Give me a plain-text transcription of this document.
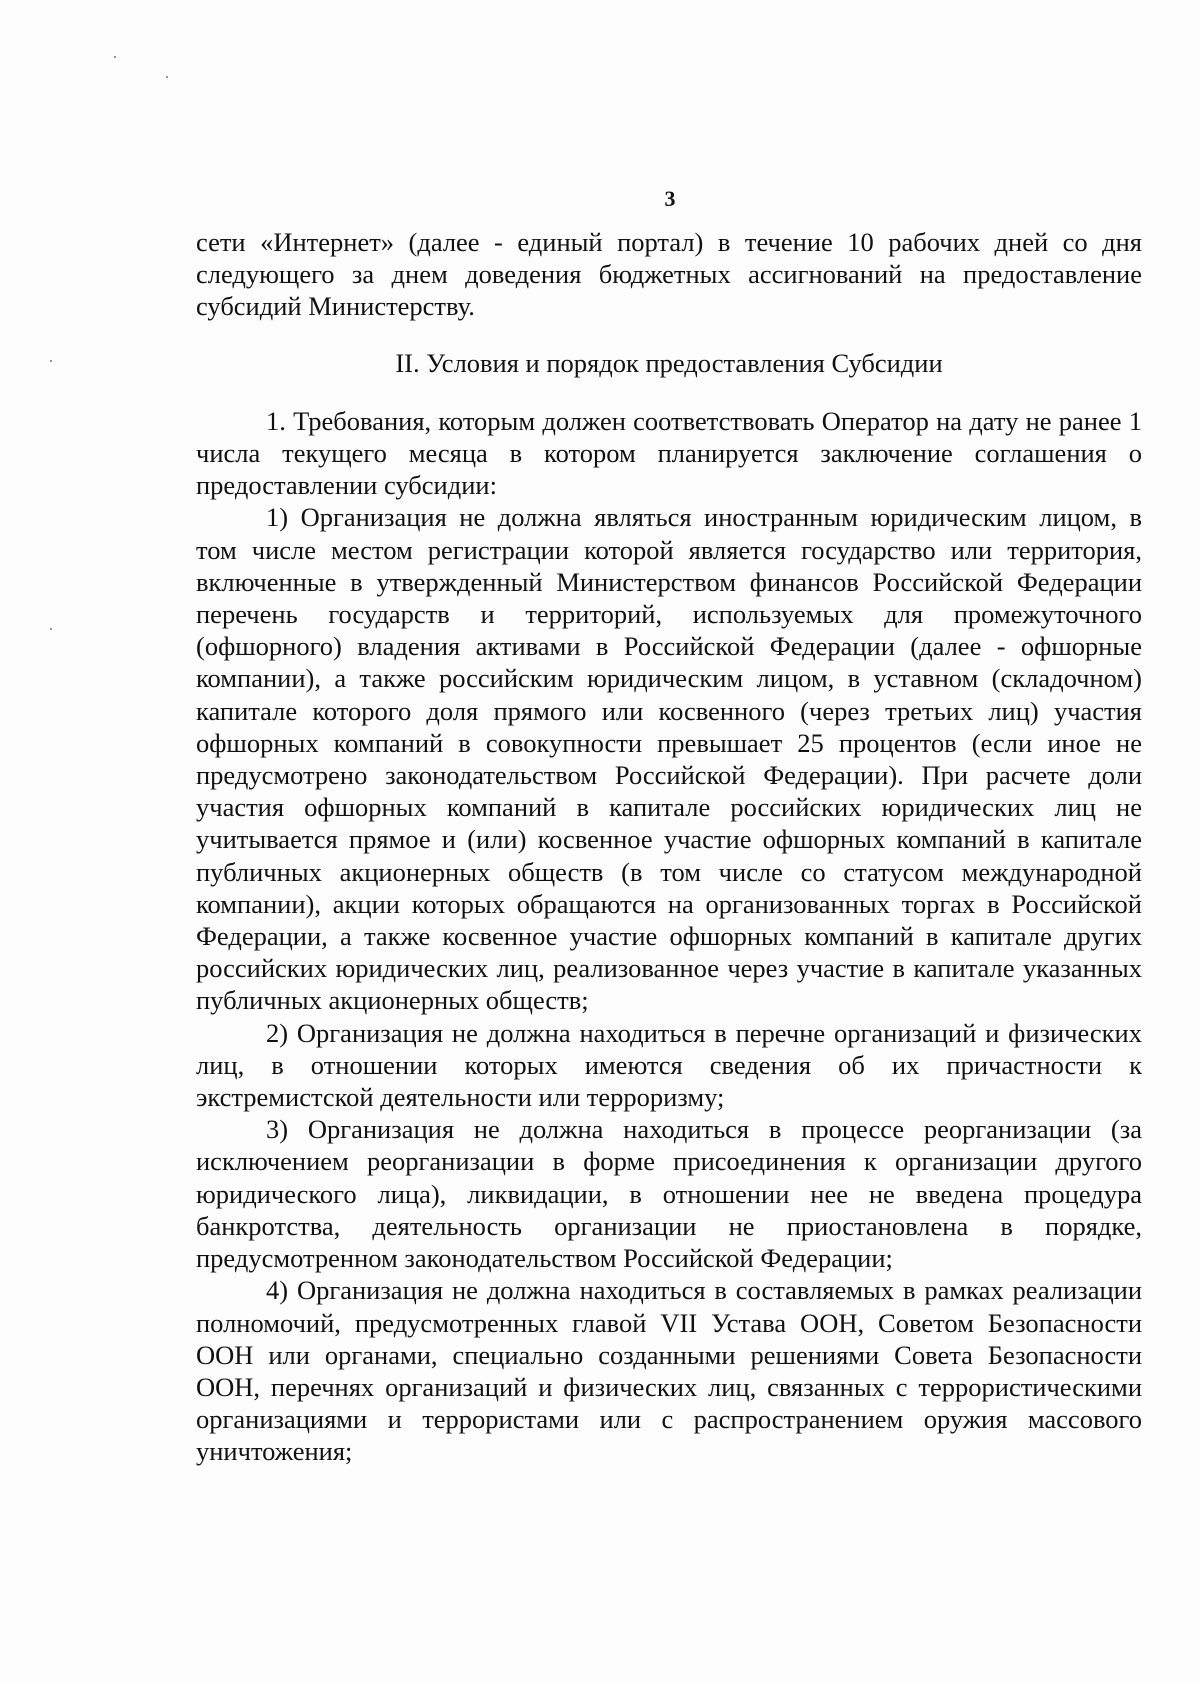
3

сети «Интернет» (далее - единый портал) в течение 10 рабочих дней со дня следующего за днем доведения бюджетных ассигнований на предоставление субсидий Министерству.

II. Условия и порядок предоставления Субсидии

1. Требования, которым должен соответствовать Оператор на дату не ранее 1 числа текущего месяца в котором планируется заключение соглашения о предоставлении субсидии:

1) Организация не должна являться иностранным юридическим лицом, в том числе местом регистрации которой является государство или территория, включенные в утвержденный Министерством финансов Российской Федерации перечень государств и территорий, используемых для промежуточного (офшорного) владения активами в Российской Федерации (далее - офшорные компании), а также российским юридическим лицом, в уставном (складочном) капитале которого доля прямого или косвенного (через третьих лиц) участия офшорных компаний в совокупности превышает 25 процентов (если иное не предусмотрено законодательством Российской Федерации). При расчете доли участия офшорных компаний в капитале российских юридических лиц не учитывается прямое и (или) косвенное участие офшорных компаний в капитале публичных акционерных обществ (в том числе со статусом международной компании), акции которых обращаются на организованных торгах в Российской Федерации, а также косвенное участие офшорных компаний в капитале других российских юридических лиц, реализованное через участие в капитале указанных публичных акционерных обществ;

2) Организация не должна находиться в перечне организаций и физических лиц, в отношении которых имеются сведения об их причастности к экстремистской деятельности или терроризму;

3) Организация не должна находиться в процессе реорганизации (за исключением реорганизации в форме присоединения к организации другого юридического лица), ликвидации, в отношении нее не введена процедура банкротства, деятельность организации не приостановлена в порядке, предусмотренном законодательством Российской Федерации;

4) Организация не должна находиться в составляемых в рамках реализации полномочий, предусмотренных главой VII Устава ООН, Советом Безопасности ООН или органами, специально созданными решениями Совета Безопасности ООН, перечнях организаций и физических лиц, связанных с террористическими организациями и террористами или с распространением оружия массового уничтожения;
